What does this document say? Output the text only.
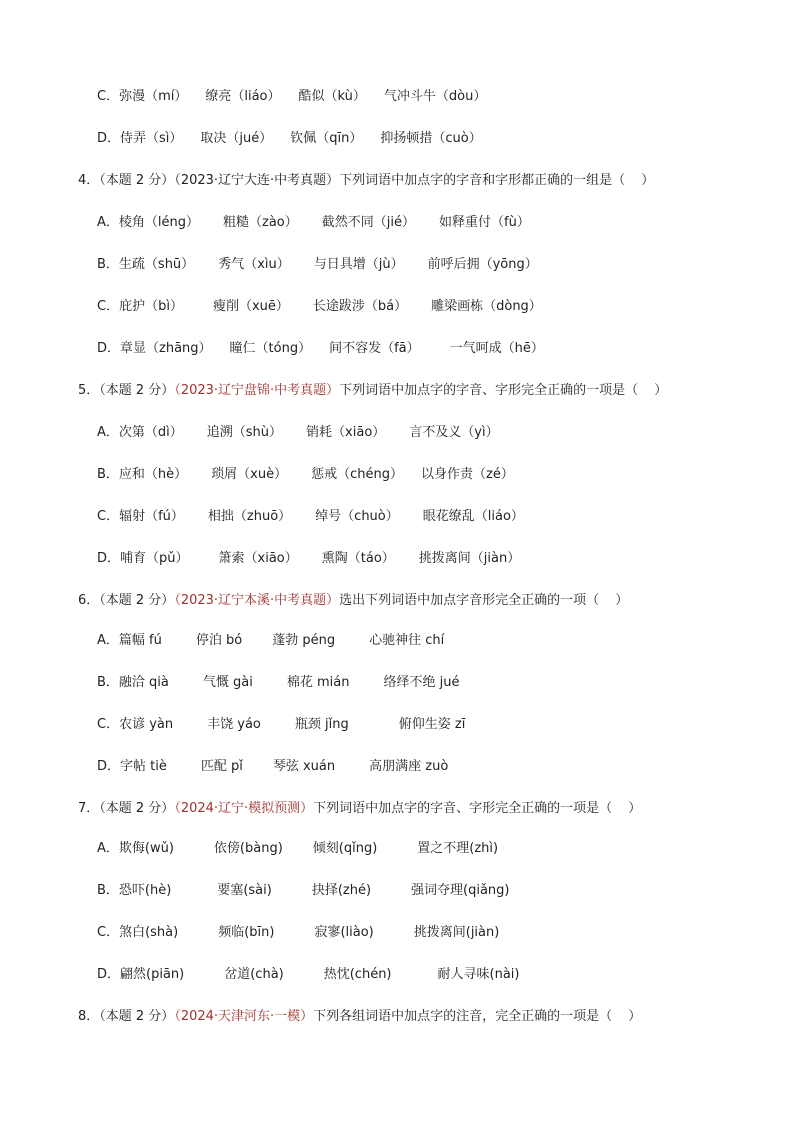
C．弥漫（mí） 缭亮（liáo） 酷似（kù） 气冲斗牛（dòu）
D．侍弄（sì） 取决（jué） 钦佩（qīn） 抑扬顿措（cuò）
4．（本题 2 分）（2023·辽宁大连·中考真题）下列词语中加点字的字音和字形都正确的一组是（ ）
A．棱角（léng） 粗糙（zào） 截然不同（jié） 如释重付（fù）
B．生疏（shū） 秀气（xìu） 与日具增（jù） 前呼后拥（yōng）
C．庇护（bì） 瘦削（xuē） 长途跋涉（bá） 雕梁画栋（dòng）
D．章显（zhāng） 瞳仁（tóng） 间不容发（fā） 一气呵成（hē）
5．（本题 2 分）（2023·辽宁盘锦·中考真题）下列词语中加点字的字音、字形完全正确的一项是（ ）
A．次第（dì） 追溯（shù） 销耗（xiāo） 言不及义（yì）
B．应和（hè） 琐屑（xuè） 惩戒（chéng） 以身作责（zé）
C．辐射（fú） 相拙（zhuō） 绰号（chuò） 眼花缭乱（liáo）
D．哺育（pǔ） 箫索（xiāo） 熏陶（táo） 挑拨离间（jiàn）
6．（本题 2 分）（2023·辽宁本溪·中考真题）选出下列词语中加点字音形完全正确的一项（ ）
A．篇幅 fú	停泊 bó 蓬勃 péng	心驰神往 chí
B．融洽 qià	气慨 gài	棉花 mián	络绎不绝 jué
C．农谚 yàn	丰饶 yáo	瓶颈 jǐng	俯仰生姿 zī
D．字帖 tiè	匹配 pǐ 琴弦 xuán	高朋满座 zuò
7．（本题 2 分）（2024·辽宁·模拟预测）下列词语中加点字的字音、字形完全正确的一项是（ ）
A．欺侮(wǔ)	依傍(bàng) 倾刻(qǐng)	置之不理(zhì)
B．恐吓(hè)	要塞(sài)	抉择(zhé)	强词夺理(qiǎng)
C．煞白(shà)	频临(bīn)	寂寥(liào)	挑拨离间(jiàn)
D．翩然(piān)	岔道(chà)	热忱(chén)	耐人寻味(nài)
8．（本题 2 分）（2024·天津河东·一模）下列各组词语中加点字的注音，完全正确的一项是（ ）
